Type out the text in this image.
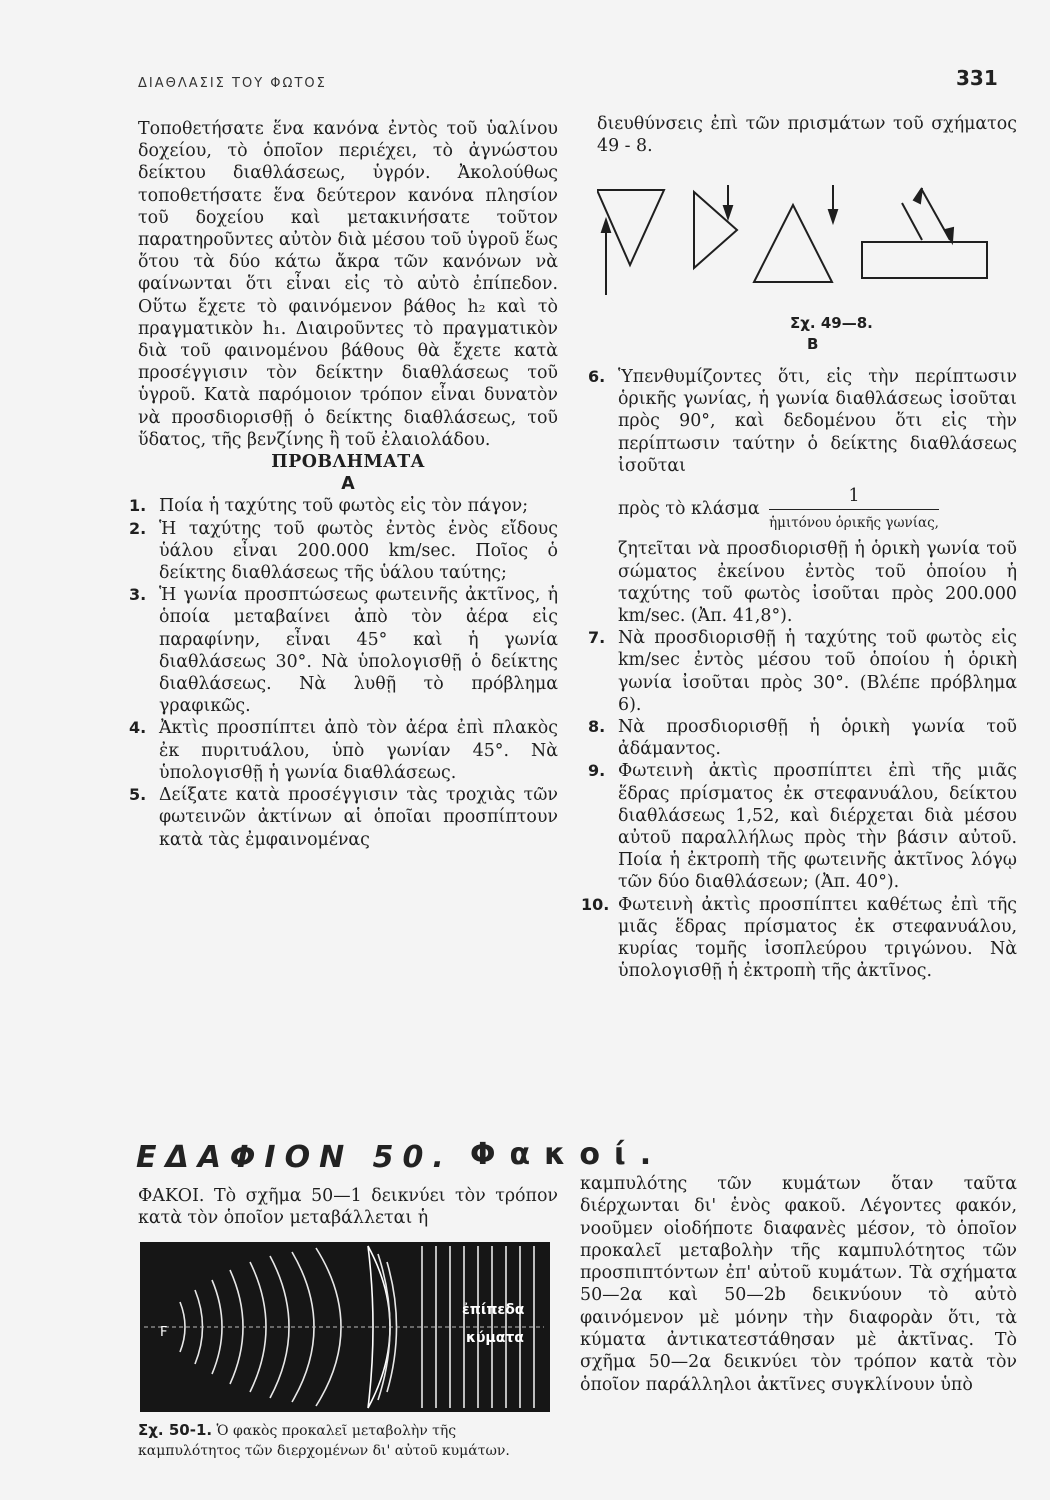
ΔΙΑΘΛΑΣΙΣ ΤΟΥ ΦΩΤΟΣ	331

Τοποθετήσατε ἕνα κανόνα ἐντὸς τοῦ ὑαλίνου δοχείου, τὸ ὁποῖον περιέχει, τὸ ἀγνώστου δείκτου διαθλάσεως, ὑγρόν. Ἀκολούθως τοποθετήσατε ἕνα δεύτερον κανόνα πλησίον τοῦ δοχείου καὶ μετακινήσατε τοῦτον παρατηροῦντες αὐτὸν διὰ μέσου τοῦ ὑγροῦ ἕως ὅτου τὰ δύο κάτω ἄκρα τῶν κανόνων νὰ φαίνωνται ὅτι εἶναι εἰς τὸ αὐτὸ ἐπίπεδον. Οὕτω ἔχετε τὸ φαινόμενον βάθος h₂ καὶ τὸ πραγματικὸν h₁. Διαιροῦντες τὸ πραγματικὸν διὰ τοῦ φαινομένου βάθους θὰ ἔχετε κατὰ προσέγγισιν τὸν δείκτην διαθλάσεως τοῦ ὑγροῦ. Κατὰ παρόμοιον τρόπον εἶναι δυνατὸν νὰ προσδιορισθῇ ὁ δείκτης διαθλάσεως, τοῦ ὕδατος, τῆς βενζίνης ἢ τοῦ ἐλαιολάδου.

ΠΡΟΒΛΗΜΑΤΑ

Α

1. Ποία ἡ ταχύτης τοῦ φωτὸς εἰς τὸν πάγον;

2. Ἡ ταχύτης τοῦ φωτὸς ἐντὸς ἑνὸς εἴδους ὑάλου εἶναι 200.000 km/sec. Ποῖος ὁ δείκτης διαθλάσεως τῆς ὑάλου ταύτης;

3. Ἡ γωνία προσπτώσεως φωτεινῆς ἀκτῖνος, ἡ ὁποία μεταβαίνει ἀπὸ τὸν ἀέρα εἰς παραφίνην, εἶναι 45° καὶ ἡ γωνία διαθλάσεως 30°. Νὰ ὑπολογισθῇ ὁ δείκτης διαθλάσεως. Νὰ λυθῇ τὸ πρόβλημα γραφικῶς.

4. Ἀκτὶς προσπίπτει ἀπὸ τὸν ἀέρα ἐπὶ πλακὸς ἐκ πυριτυάλου, ὑπὸ γωνίαν 45°. Νὰ ὑπολογισθῇ ἡ γωνία διαθλάσεως.

5. Δείξατε κατὰ προσέγγισιν τὰς τροχιὰς τῶν φωτεινῶν ἀκτίνων αἱ ὁποῖαι προσπίπτουν κατὰ τὰς ἐμφαινομένας

διευθύνσεις ἐπὶ τῶν πρισμάτων τοῦ σχήματος 49 - 8.

Σχ. 49—8.
Β

6. Ὑπενθυμίζοντες ὅτι, εἰς τὴν περίπτωσιν ὁρικῆς γωνίας, ἡ γωνία διαθλάσεως ἰσοῦται πρὸς 90°, καὶ δεδομένου ὅτι εἰς τὴν περίπτωσιν ταύτην ὁ δείκτης διαθλάσεως ἰσοῦται

πρὸς τὸ κλάσμα $\frac{1}{\text{ἡμιτόνου ὁρικῆς γωνίας,}}$

ζητεῖται νὰ προσδιορισθῇ ἡ ὁρικὴ γωνία τοῦ σώματος ἐκείνου ἐντὸς τοῦ ὁποίου ἡ ταχύτης τοῦ φωτὸς ἰσοῦται πρὸς 200.000 km/sec. (Ἀπ. 41,8°).

7. Νὰ προσδιορισθῇ ἡ ταχύτης τοῦ φωτὸς εἰς km/sec ἐντὸς μέσου τοῦ ὁποίου ἡ ὁρικὴ γωνία ἰσοῦται πρὸς 30°. (Βλέπε πρόβλημα 6).

8. Νὰ προσδιορισθῇ ἡ ὁρικὴ γωνία τοῦ ἀδάμαντος.

9. Φωτεινὴ ἀκτὶς προσπίπτει ἐπὶ τῆς μιᾶς ἕδρας πρίσματος ἐκ στεφανυάλου, δείκτου διαθλάσεως 1,52, καὶ διέρχεται διὰ μέσου αὐτοῦ παραλλήλως πρὸς τὴν βάσιν αὐτοῦ. Ποία ἡ ἐκτροπὴ τῆς φωτεινῆς ἀκτῖνος λόγῳ τῶν δύο διαθλάσεων; (Ἀπ. 40°).

10. Φωτεινὴ ἀκτὶς προσπίπτει καθέτως ἐπὶ τῆς μιᾶς ἕδρας πρίσματος ἐκ στεφανυάλου, κυρίας τομῆς ἰσοπλεύρου τριγώνου. Νὰ ὑπολογισθῇ ἡ ἐκτροπὴ τῆς ἀκτῖνος.

ΕΔΑΦΙΟΝ 50. Φακοί.
ΦΑΚΟΙ. Τὸ σχῆμα 50—1 δεικνύει τὸν τρόπον κατὰ τὸν ὁποῖον μεταβάλλεται ἡ
F
ἐπίπεδα
κύματα
Σχ. 50-1. Ὁ φακὸς προκαλεῖ μεταβολὴν τῆς καμπυλότητος τῶν διερχομένων δι' αὐτοῦ κυμάτων.
καμπυλότης τῶν κυμάτων ὅταν ταῦτα διέρχωνται δι' ἑνὸς φακοῦ. Λέγοντες φακόν, νοοῦμεν οἱοδήποτε διαφανὲς μέσον, τὸ ὁποῖον προκαλεῖ μεταβολὴν τῆς καμπυλότητος τῶν προσπιπτόντων ἐπ' αὐτοῦ κυμάτων. Τὰ σχήματα 50—2α καὶ 50—2b δεικνύουν τὸ αὐτὸ φαινόμενον μὲ μόνην τὴν διαφορὰν ὅτι, τὰ κύματα ἀντικατεστάθησαν μὲ ἀκτῖνας. Τὸ σχῆμα 50—2α δεικνύει τὸν τρόπον κατὰ τὸν ὁποῖον παράλληλοι ἀκτῖνες συγκλίνουν ὑπὸ
